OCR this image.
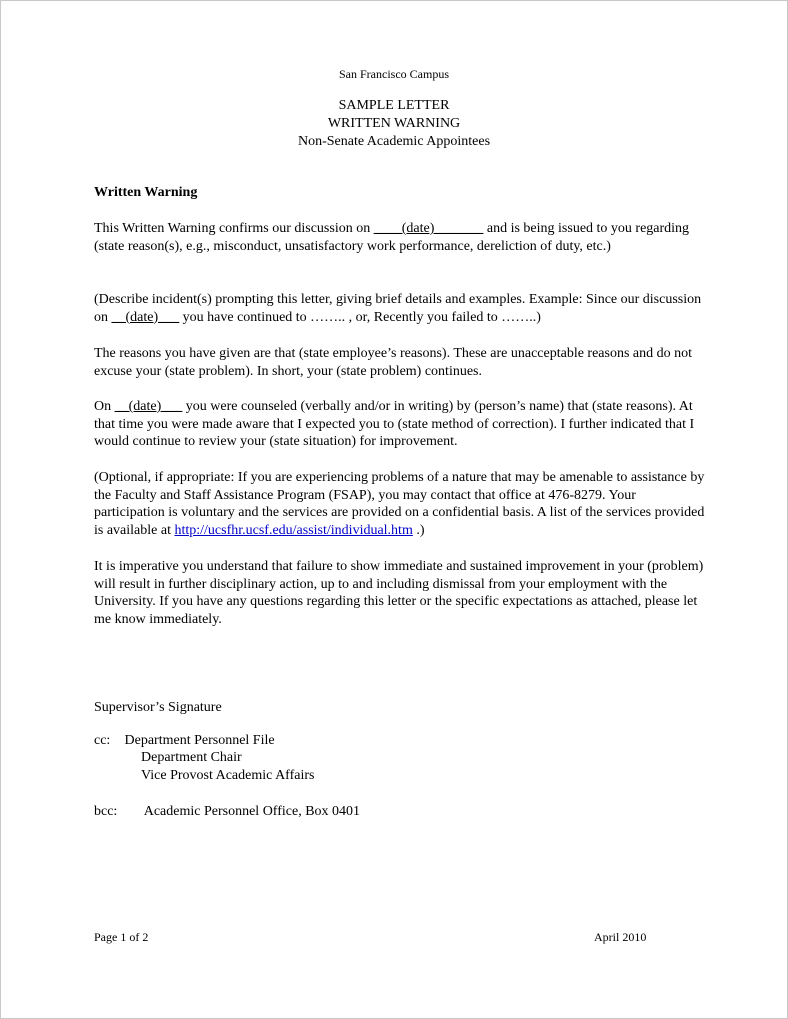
San Francisco Campus
SAMPLE LETTER
WRITTEN WARNING
Non-Senate Academic Appointees
Written Warning

This Written Warning confirms our discussion on ____(date)_______ and is being issued to you regarding (state reason(s), e.g., misconduct, unsatisfactory work performance, dereliction of duty, etc.)

(Describe incident(s) prompting this letter, giving brief details and examples. Example: Since our discussion on __(date)___ you have continued to …….. , or, Recently you failed to ……..)

The reasons you have given are that (state employee’s reasons). These are unacceptable reasons and do not excuse your (state problem). In short, your (state problem) continues.

On __(date)___ you were counseled (verbally and/or in writing) by (person’s name) that (state reasons). At that time you were made aware that I expected you to (state method of correction). I further indicated that I would continue to review your (state situation) for improvement.

(Optional, if appropriate: If you are experiencing problems of a nature that may be amenable to assistance by the Faculty and Staff Assistance Program (FSAP), you may contact that office at 476-8279. Your participation is voluntary and the services are provided on a confidential basis. A list of the services provided is available at http://ucsfhr.ucsf.edu/assist/individual.htm .)

It is imperative you understand that failure to show immediate and sustained improvement in your (problem) will result in further disciplinary action, up to and including dismissal from your employment with the University. If you have any questions regarding this letter or the specific expectations as attached, please let me know immediately.

Supervisor’s Signature
cc: Department Personnel File
Department Chair
Vice Provost Academic Affairs
bcc: Academic Personnel Office, Box 0401
Page 1 of 2	April 2010
